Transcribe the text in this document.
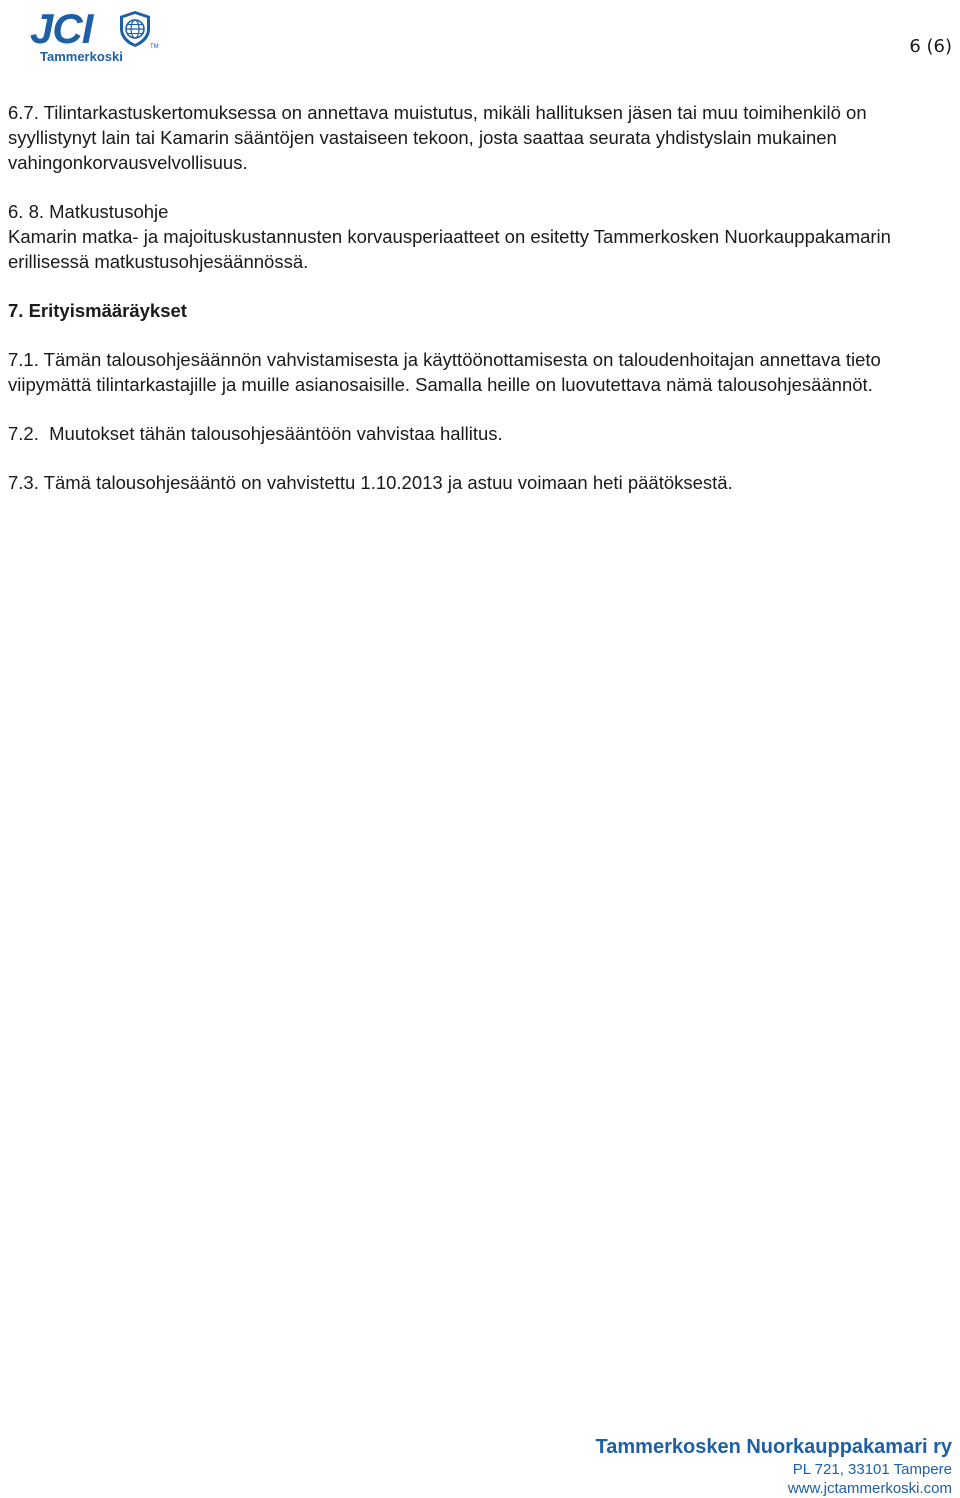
JCI	TM
Tammerkoski	6 (6)

6.7. Tilintarkastuskertomuksessa on annettava muistutus, mikäli hallituksen jäsen tai muu toimihenkilö on syyllistynyt lain tai Kamarin sääntöjen vastaiseen tekoon, josta saattaa seurata yhdistyslain mukainen vahingonkorvausvelvollisuus.

6. 8. Matkustusohje
Kamarin matka- ja majoituskustannusten korvausperiaatteet on esitetty Tammerkosken Nuorkauppakamarin erillisessä matkustusohjesäännössä.

7. Erityismääräykset

7.1. Tämän talousohjesäännön vahvistamisesta ja käyttöönottamisesta on taloudenhoitajan annettava tieto viipymättä tilintarkastajille ja muille asianosaisille. Samalla heille on luovutettava nämä talousohjesäännöt.

7.2.  Muutokset tähän talousohjesääntöön vahvistaa hallitus.

7.3. Tämä talousohjesääntö on vahvistettu 1.10.2013 ja astuu voimaan heti päätöksestä.

Tammerkosken Nuorkauppakamari ry
PL 721, 33101 Tampere
www.jctammerkoski.com
